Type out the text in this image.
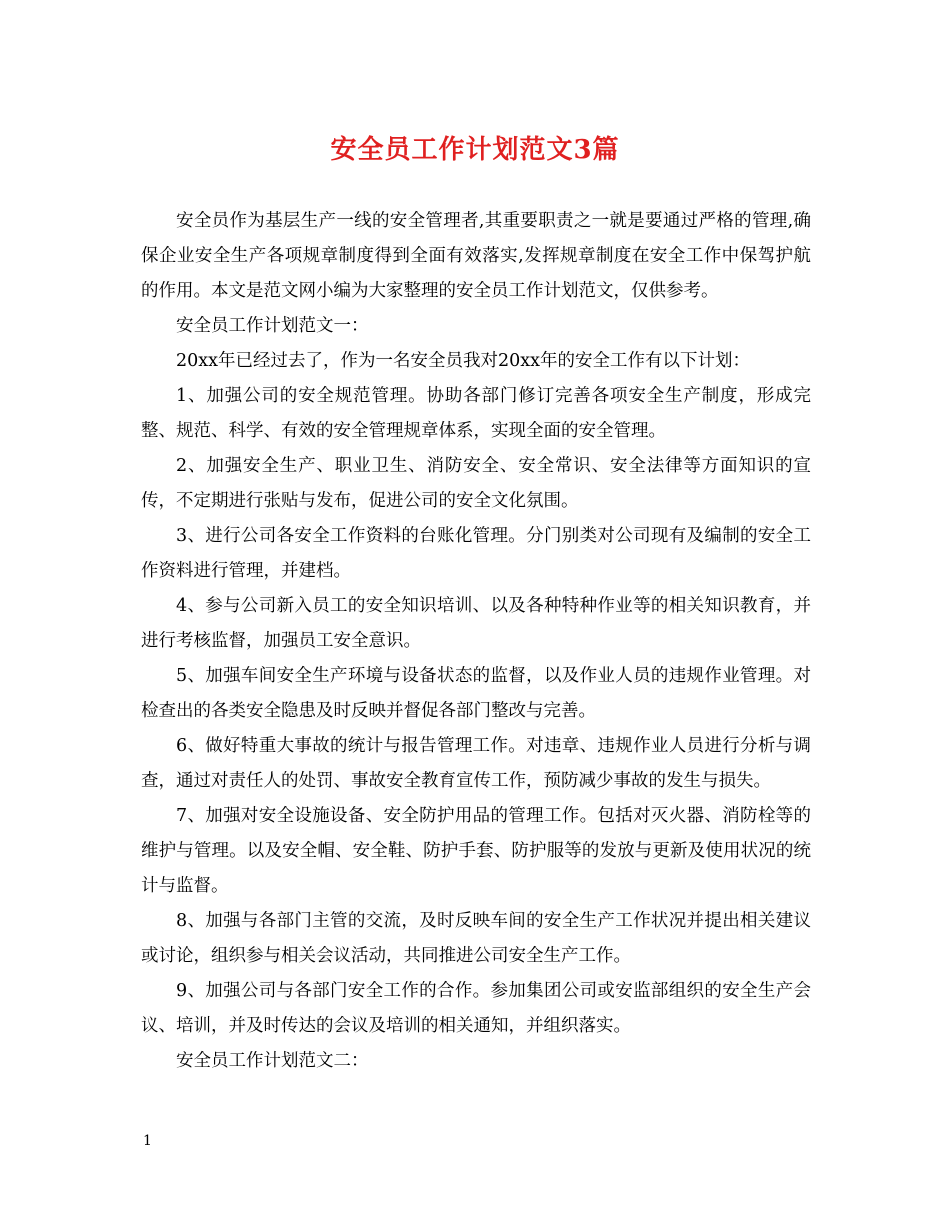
安全员工作计划范文3篇

安全员作为基层生产一线的安全管理者,其重要职责之一就是要通过严格的管理,确保企业安全生产各项规章制度得到全面有效落实,发挥规章制度在安全工作中保驾护航的作用。本文是范文网小编为大家整理的安全员工作计划范文，仅供参考。

安全员工作计划范文一：

20xx年已经过去了，作为一名安全员我对20xx年的安全工作有以下计划：

1、加强公司的安全规范管理。协助各部门修订完善各项安全生产制度，形成完整、规范、科学、有效的安全管理规章体系，实现全面的安全管理。

2、加强安全生产、职业卫生、消防安全、安全常识、安全法律等方面知识的宣传，不定期进行张贴与发布，促进公司的安全文化氛围。

3、进行公司各安全工作资料的台账化管理。分门别类对公司现有及编制的安全工作资料进行管理，并建档。

4、参与公司新入员工的安全知识培训、以及各种特种作业等的相关知识教育，并进行考核监督，加强员工安全意识。

5、加强车间安全生产环境与设备状态的监督，以及作业人员的违规作业管理。对检查出的各类安全隐患及时反映并督促各部门整改与完善。

6、做好特重大事故的统计与报告管理工作。对违章、违规作业人员进行分析与调查，通过对责任人的处罚、事故安全教育宣传工作，预防减少事故的发生与损失。

7、加强对安全设施设备、安全防护用品的管理工作。包括对灭火器、消防栓等的维护与管理。以及安全帽、安全鞋、防护手套、防护服等的发放与更新及使用状况的统计与监督。

8、加强与各部门主管的交流，及时反映车间的安全生产工作状况并提出相关建议或讨论，组织参与相关会议活动，共同推进公司安全生产工作。

9、加强公司与各部门安全工作的合作。参加集团公司或安监部组织的安全生产会议、培训，并及时传达的会议及培训的相关通知，并组织落实。

安全员工作计划范文二：

1
